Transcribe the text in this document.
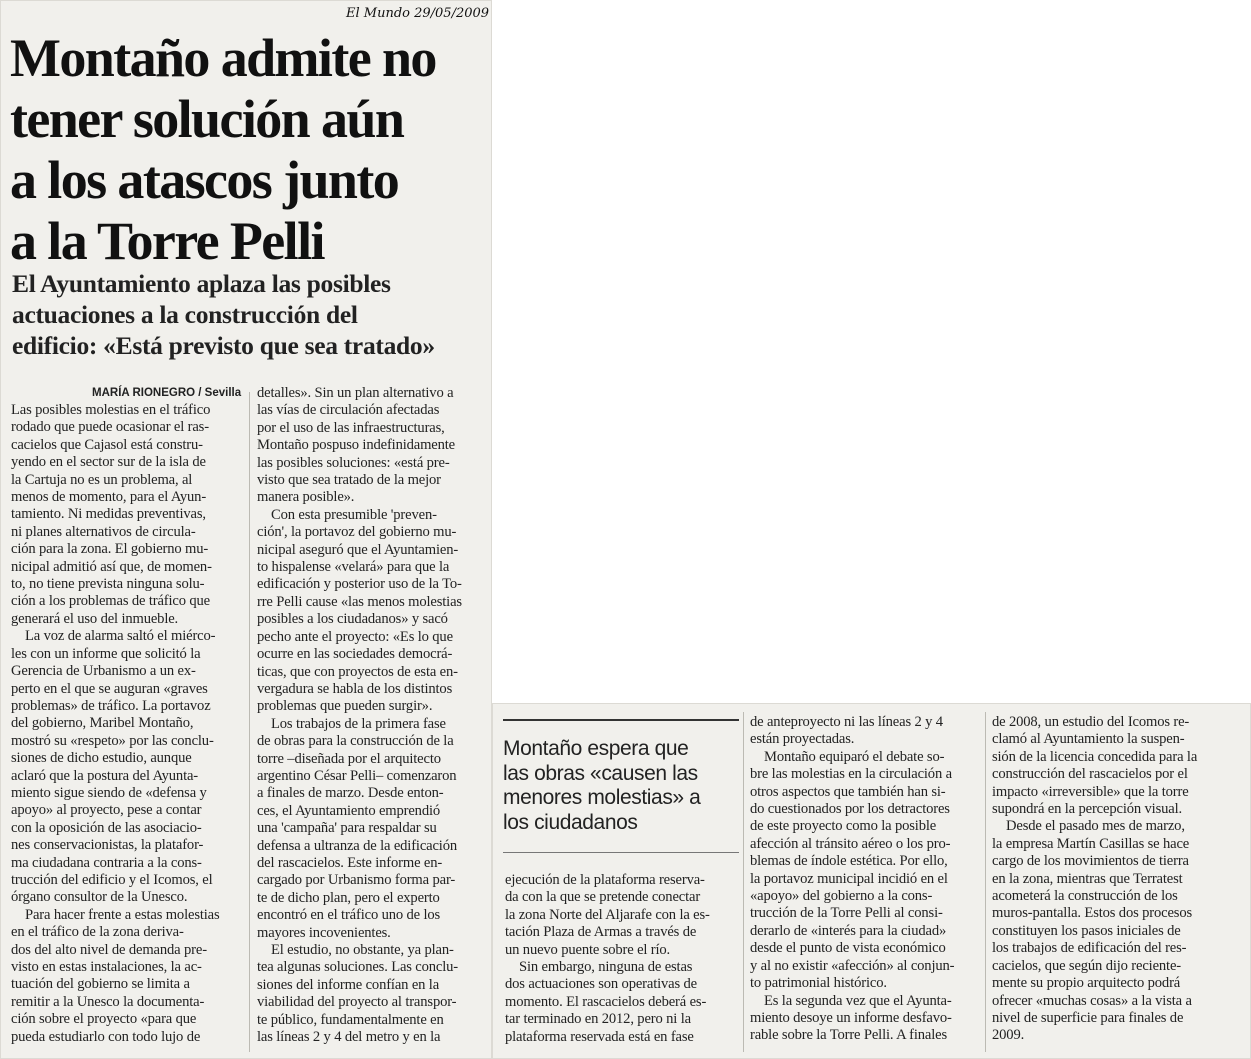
El Mundo 29/05/2009
Montaño admite no
tener solución aún
a los atascos junto
a la Torre Pelli
El Ayuntamiento aplaza las posibles
actuaciones a la construcción del
edificio: «Está previsto que sea tratado»
MARÍA RIONEGRO / Sevilla
Montaño espera que
las obras «causen las
menores molestias» a
los ciudadanos
Las posibles molestias en el tráfico
rodado que puede ocasionar el ras-
cacielos que Cajasol está constru-
yendo en el sector sur de la isla de
la Cartuja no es un problema, al
menos de momento, para el Ayun-
tamiento. Ni medidas preventivas,
ni planes alternativos de circula-
ción para la zona. El gobierno mu-
nicipal admitió así que, de momen-
to, no tiene prevista ninguna solu-
ción a los problemas de tráfico que
generará el uso del inmueble.
La voz de alarma saltó el miérco-
les con un informe que solicitó la
Gerencia de Urbanismo a un ex-
perto en el que se auguran «graves
problemas» de tráfico. La portavoz
del gobierno, Maribel Montaño,
mostró su «respeto» por las conclu-
siones de dicho estudio, aunque
aclaró que la postura del Ayunta-
miento sigue siendo de «defensa y
apoyo» al proyecto, pese a contar
con la oposición de las asociacio-
nes conservacionistas, la platafor-
ma ciudadana contraria a la cons-
trucción del edificio y el Icomos, el
órgano consultor de la Unesco.
Para hacer frente a estas molestias
en el tráfico de la zona deriva-
dos del alto nivel de demanda pre-
visto en estas instalaciones, la ac-
tuación del gobierno se limita a
remitir a la Unesco la documenta-
ción sobre el proyecto «para que
pueda estudiarlo con todo lujo de
detalles». Sin un plan alternativo a
las vías de circulación afectadas
por el uso de las infraestructuras,
Montaño pospuso indefinidamente
las posibles soluciones: «está pre-
visto que sea tratado de la mejor
manera posible».
Con esta presumible 'preven-
ción', la portavoz del gobierno mu-
nicipal aseguró que el Ayuntamien-
to hispalense «velará» para que la
edificación y posterior uso de la To-
rre Pelli cause «las menos molestias
posibles a los ciudadanos» y sacó
pecho ante el proyecto: «Es lo que
ocurre en las sociedades democrá-
ticas, que con proyectos de esta en-
vergadura se habla de los distintos
problemas que pueden surgir».
Los trabajos de la primera fase
de obras para la construcción de la
torre –diseñada por el arquitecto
argentino César Pelli– comenzaron
a finales de marzo. Desde enton-
ces, el Ayuntamiento emprendió
una 'campaña' para respaldar su
defensa a ultranza de la edificación
del rascacielos. Este informe en-
cargado por Urbanismo forma par-
te de dicho plan, pero el experto
encontró en el tráfico uno de los
mayores incovenientes.
El estudio, no obstante, ya plan-
tea algunas soluciones. Las conclu-
siones del informe confían en la
viabilidad del proyecto al transpor-
te público, fundamentalmente en
las líneas 2 y 4 del metro y en la
ejecución de la plataforma reserva-
da con la que se pretende conectar
la zona Norte del Aljarafe con la es-
tación Plaza de Armas a través de
un nuevo puente sobre el río.
Sin embargo, ninguna de estas
dos actuaciones son operativas de
momento. El rascacielos deberá es-
tar terminado en 2012, pero ni la
plataforma reservada está en fase
de anteproyecto ni las líneas 2 y 4
están proyectadas.
Montaño equiparó el debate so-
bre las molestias en la circulación a
otros aspectos que también han si-
do cuestionados por los detractores
de este proyecto como la posible
afección al tránsito aéreo o los pro-
blemas de índole estética. Por ello,
la portavoz municipal incidió en el
«apoyo» del gobierno a la cons-
trucción de la Torre Pelli al consi-
derarlo de «interés para la ciudad»
desde el punto de vista económico
y al no existir «afección» al conjun-
to patrimonial histórico.
Es la segunda vez que el Ayunta-
miento desoye un informe desfavo-
rable sobre la Torre Pelli. A finales
de 2008, un estudio del Icomos re-
clamó al Ayuntamiento la suspen-
sión de la licencia concedida para la
construcción del rascacielos por el
impacto «irreversible» que la torre
supondrá en la percepción visual.
Desde el pasado mes de marzo,
la empresa Martín Casillas se hace
cargo de los movimientos de tierra
en la zona, mientras que Terratest
acometerá la construcción de los
muros-pantalla. Estos dos procesos
constituyen los pasos iniciales de
los trabajos de edificación del res-
cacielos, que según dijo reciente-
mente su propio arquitecto podrá
ofrecer «muchas cosas» a la vista a
nivel de superficie para finales de
2009.
